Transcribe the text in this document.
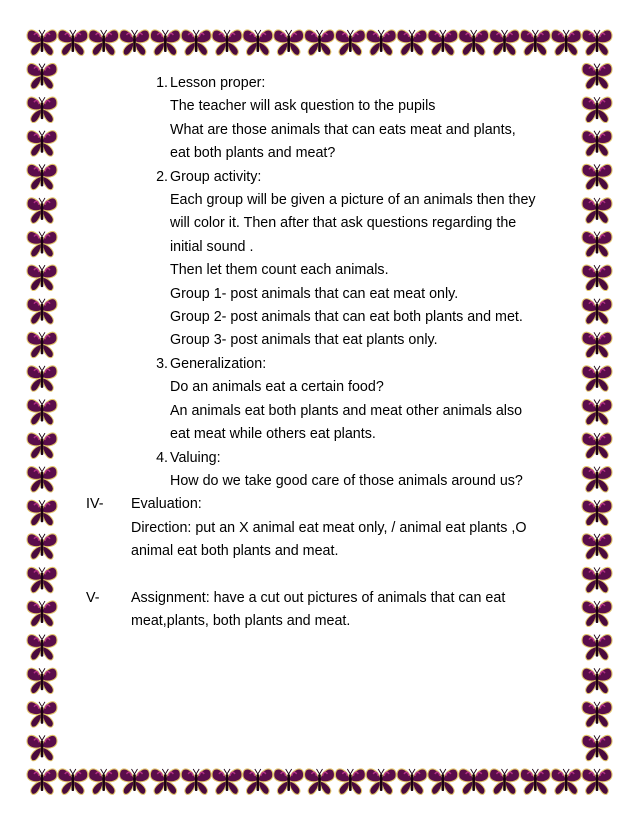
1. Lesson proper:
The teacher will ask question to the pupils
What are those animals that can eats meat and plants,
eat both plants and meat?
2. Group activity:
Each group will be given a picture of an animals then they
will color it. Then after that ask questions regarding the
initial sound .
Then let them count each animals.
Group 1- post animals that can eat meat only.
Group 2- post animals that can eat both plants and met.
Group 3- post animals that eat plants only.
3. Generalization:
Do an animals eat a certain food?
An animals eat both plants and meat other animals also
eat meat while others eat plants.
4. Valuing:
How do we take good care of those animals around us?
IV- Evaluation:
Direction: put an X animal eat meat only, / animal eat plants ,O
animal eat both plants and meat.
V- Assignment: have a cut out pictures of animals that can eat
meat,plants, both plants and meat.
